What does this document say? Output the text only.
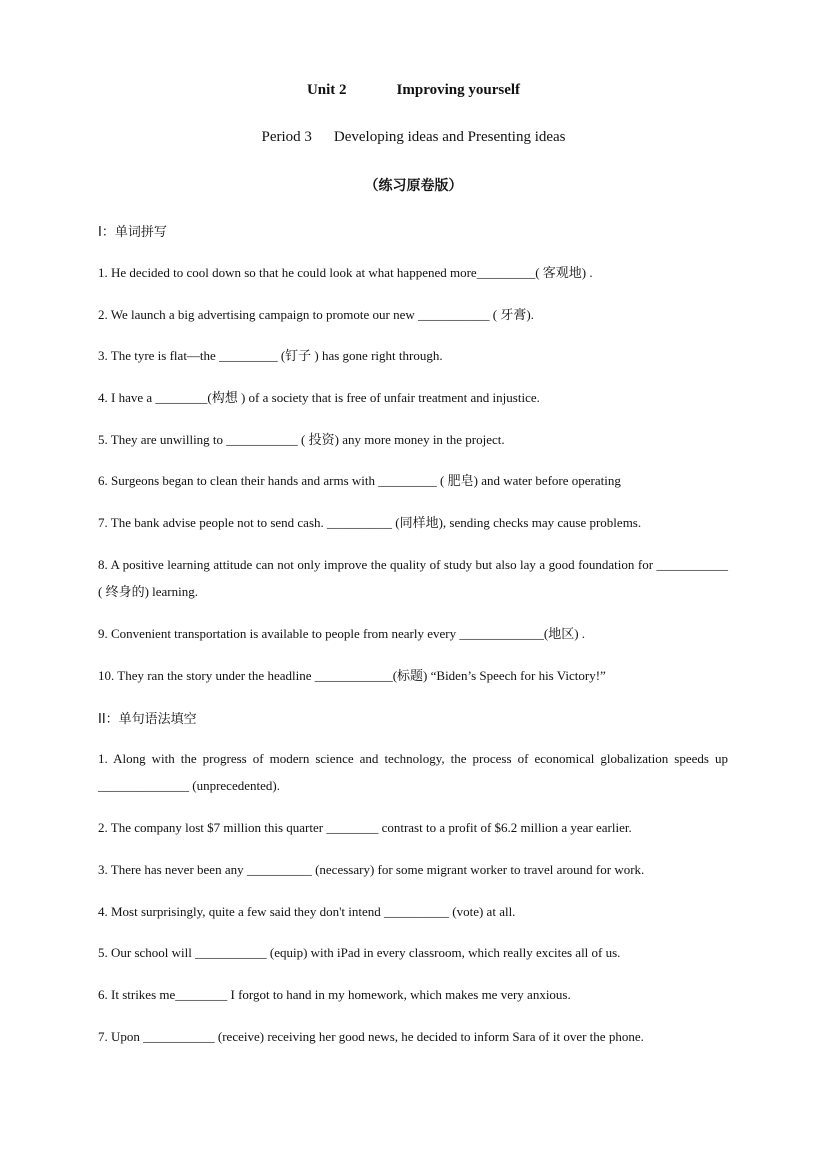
Unit 2	Improving yourself
Period 3 Developing ideas and Presenting ideas
（练习原卷版）
I：单词拼写
1. He decided to cool down so that he could look at what happened more_________( 客观地) .
2. We launch a big advertising campaign to promote our new ___________ ( 牙膏).
3. The tyre is flat—the _________ (钉子 ) has gone right through.
4. I have a ________(构想 ) of a society that is free of unfair treatment and injustice.
5. They are unwilling to ___________ ( 投资) any more money in the project.
6. Surgeons began to clean their hands and arms with _________ ( 肥皂) and water before operating
7. The bank advise people not to send cash. __________ (同样地), sending checks may cause problems.
8. A positive learning attitude can not only improve the quality of study but also lay a good foundation for ___________ ( 终身的) learning.
9. Convenient transportation is available to people from nearly every _____________(地区) .
10. They ran the story under the headline ____________(标题) “Biden’s Speech for his Victory!”
II：单句语法填空
1. Along with the progress of modern science and technology, the process of economical globalization speeds up ______________ (unprecedented).
2. The company lost $7 million this quarter ________ contrast to a profit of $6.2 million a year earlier.
3. There has never been any __________ (necessary) for some migrant worker to travel around for work.
4. Most surprisingly, quite a few said they don't intend __________ (vote) at all.
5. Our school will ___________ (equip) with iPad in every classroom, which really excites all of us.
6. It strikes me________ I forgot to hand in my homework, which makes me very anxious.
7. Upon ___________ (receive) receiving her good news, he decided to inform Sara of it over the phone.
